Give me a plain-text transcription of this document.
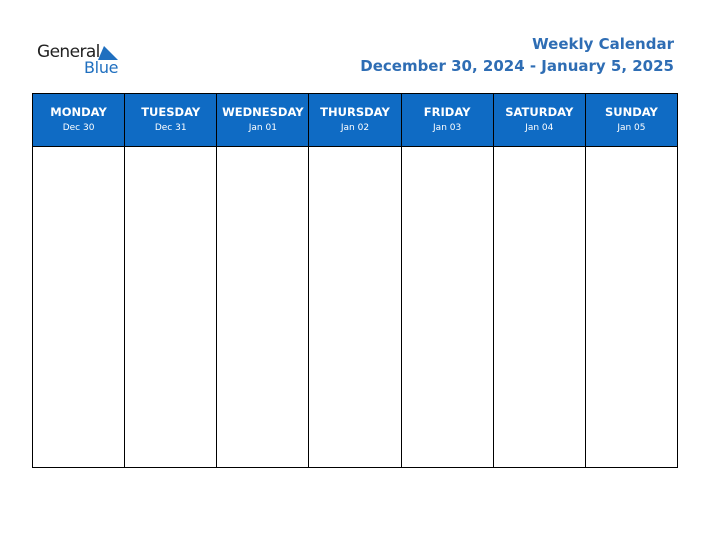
General
Blue
Weekly Calendar
December 30, 2024 - January 5, 2025
MONDAY
Dec 30
TUESDAY
Dec 31
WEDNESDAY
Jan 01
THURSDAY
Jan 02
FRIDAY
Jan 03
SATURDAY
Jan 04
SUNDAY
Jan 05
